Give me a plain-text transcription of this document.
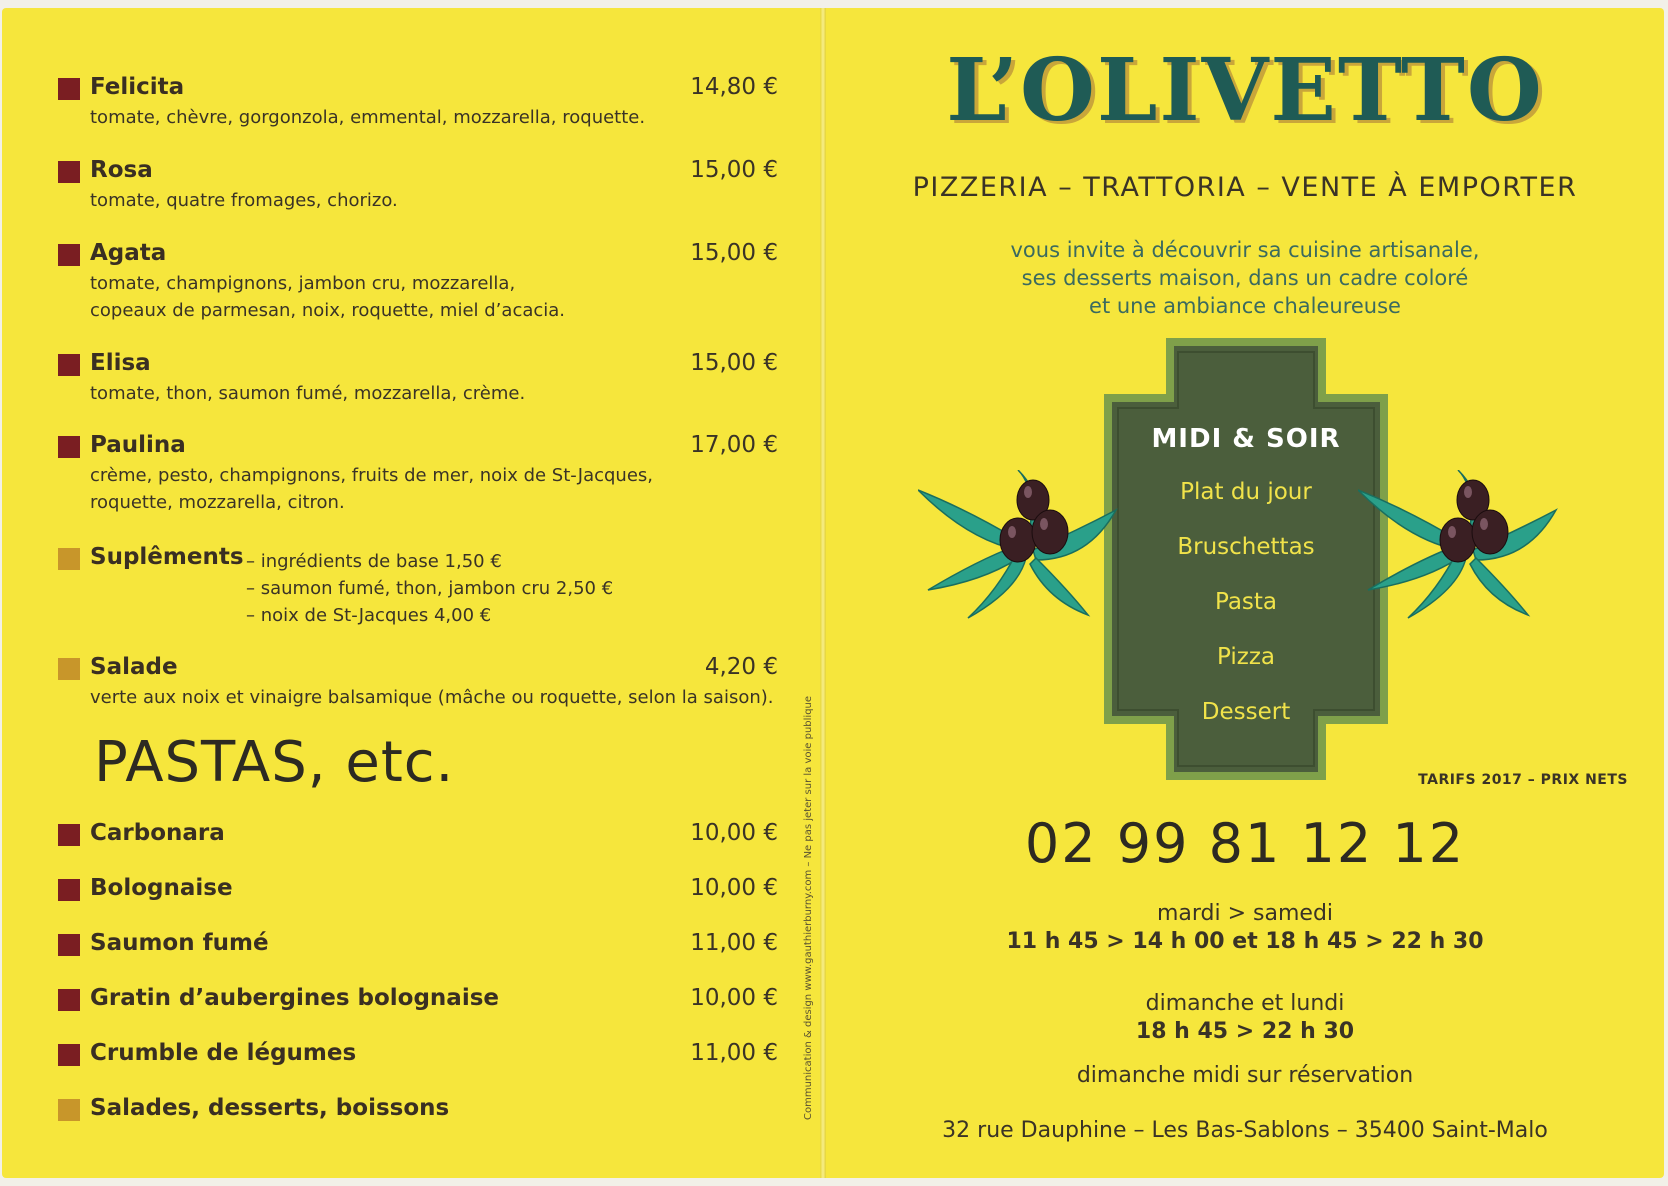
Felicita	14,80 €
tomate, chèvre, gorgonzola, emmental, mozzarella, roquette.
Rosa	15,00 €
tomate, quatre fromages, chorizo.
Agata	15,00 €
tomate, champignons, jambon cru, mozzarella,
copeaux de parmesan, noix, roquette, miel d’acacia.
Elisa	15,00 €
tomate, thon, saumon fumé, mozzarella, crème.
Paulina	17,00 €
crème, pesto, champignons, fruits de mer, noix de St-Jacques,
roquette, mozzarella, citron.
Suplêments – ingrédients de base 1,50 €
– saumon fumé, thon, jambon cru 2,50 €
– noix de St-Jacques 4,00 €
Salade	4,20 €
verte aux noix et vinaigre balsamique (mâche ou roquette, selon la saison).
PASTAS, etc.	TARIFS 2017 – PRIX NETS
Carbonara	10,00 €
Bolognaise	10,00 €
Saumon fumé	11,00 €
Gratin d’aubergines bolognaise	10,00 €
Crumble de légumes	11,00 €
Salades, desserts, boissons	Communication & design www.gauthierburny.com – Ne pas jeter sur la voie publique
L’OLIVETTO
PIZZERIA – TRATTORIA – VENTE À EMPORTER
vous invite à découvrir sa cuisine artisanale,
ses desserts maison, dans un cadre coloré
et une ambiance chaleureuse
MIDI & SOIR
Plat du jour
Bruschettas
Pasta
Pizza
Dessert
02 99 81 12 12
mardi > samedi
11 h 45 > 14 h 00 et 18 h 45 > 22 h 30
dimanche et lundi
18 h 45 > 22 h 30
dimanche midi sur réservation
32 rue Dauphine – Les Bas-Sablons – 35400 Saint-Malo
